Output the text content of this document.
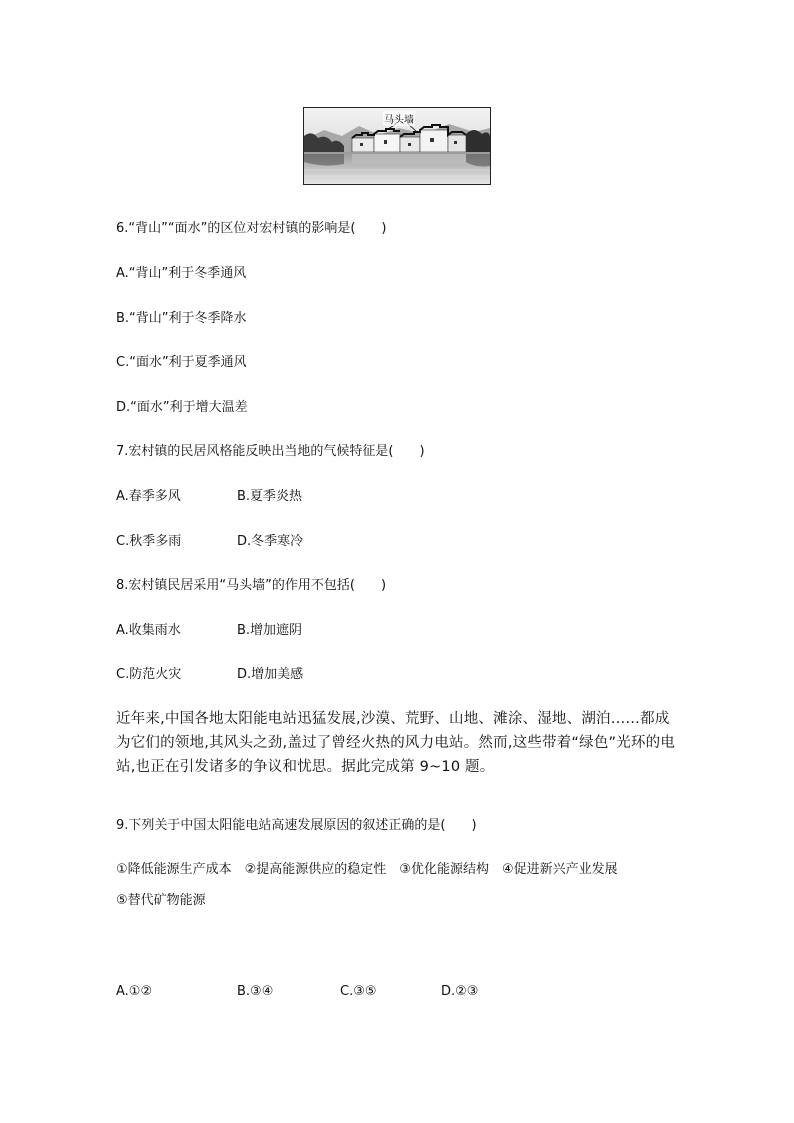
马头墙
6.“背山”“面水”的区位对宏村镇的影响是(　　)
A.“背山”利于冬季通风
B.“背山”利于冬季降水
C.“面水”利于夏季通风
D.“面水”利于增大温差
7.宏村镇的民居风格能反映出当地的气候特征是(　　)
A.春季多风	B.夏季炎热
C.秋季多雨	D.冬季寒冷
8.宏村镇民居采用“马头墙”的作用不包括(　　)
A.收集雨水	B.增加遮阴
C.防范火灾	D.增加美感
近年来,中国各地太阳能电站迅猛发展,沙漠、荒野、山地、滩涂、湿地、湖泊……都成为它们的领地,其风头之劲,盖过了曾经火热的风力电站。然而,这些带着“绿色”光环的电站,也正在引发诸多的争议和忧思。据此完成第 9~10 题。
9.下列关于中国太阳能电站高速发展原因的叙述正确的是(　　)
①降低能源生产成本　②提高能源供应的稳定性　③优化能源结构　④促进新兴产业发展
⑤替代矿物能源
A.①②	B.③④	C.③⑤	D.②③
